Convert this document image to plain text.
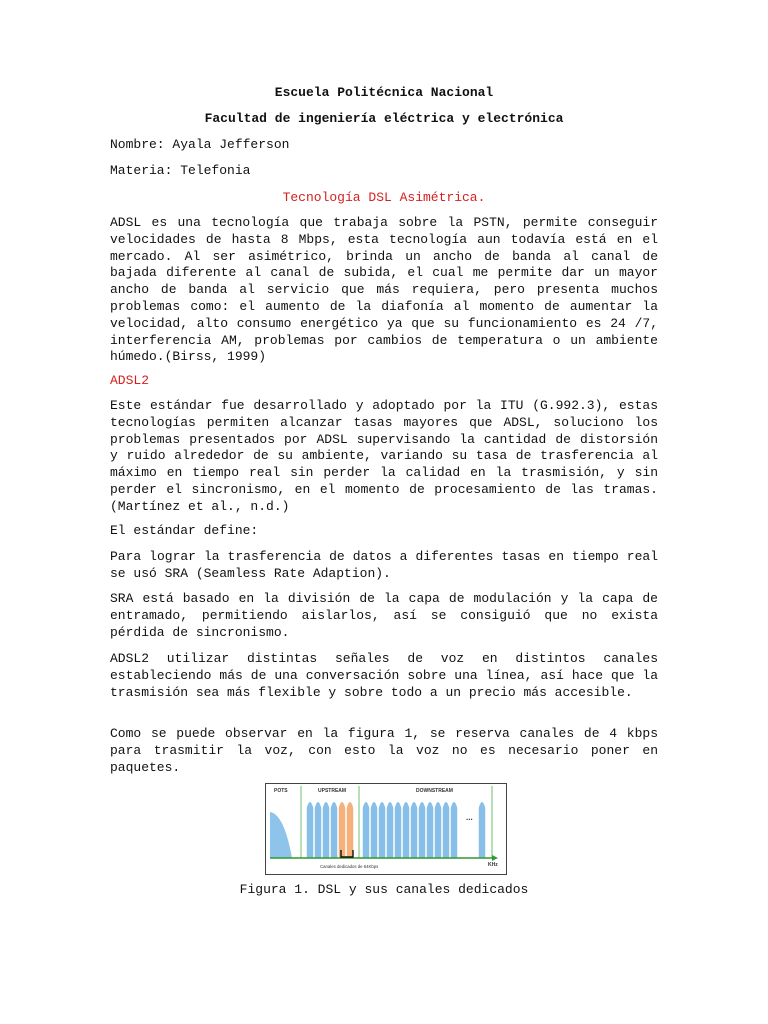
Escuela Politécnica Nacional
Facultad de ingeniería eléctrica y electrónica
Nombre: Ayala Jefferson
Materia: Telefonia
Tecnología DSL Asimétrica.
ADSL es una tecnología que trabaja sobre la PSTN, permite conseguir velocidades de hasta 8 Mbps, esta tecnología aun todavía está en el mercado. Al ser asimétrico, brinda un ancho de banda al canal de bajada diferente al canal de subida, el cual me permite dar un mayor ancho de banda al servicio que más requiera, pero presenta muchos problemas como: el aumento de la diafonía al momento de aumentar la velocidad, alto consumo energético ya que su funcionamiento es 24 /7, interferencia AM, problemas por cambios de temperatura o un ambiente húmedo.(Birss, 1999)
ADSL2
Este estándar fue desarrollado y adoptado por la ITU (G.992.3), estas tecnologías permiten alcanzar tasas mayores que ADSL, soluciono los problemas presentados por ADSL supervisando la cantidad de distorsión y ruido alrededor de su ambiente, variando su tasa de trasferencia al máximo en tiempo real sin perder la calidad en la trasmisión, y sin perder el sincronismo, en el momento de procesamiento de las tramas.(Martínez et al., n.d.)
El estándar define:
Para lograr la trasferencia de datos a diferentes tasas en tiempo real se usó SRA (Seamless Rate Adaption).
SRA está basado en la división de la capa de modulación y la capa de entramado, permitiendo aislarlos, así se consiguió que no exista pérdida de sincronismo.
ADSL2 utilizar distintas señales de voz en distintos canales estableciendo más de una conversación sobre una línea, así hace que la trasmisión sea más flexible y sobre todo a un precio más accesible.
Como se puede observar en la figura 1, se reserva canales de 4 kbps para trasmitir la voz, con esto la voz no es necesario poner en paquetes.
POTS	UPSTREAM	DOWNSTREAM
...
Canales dedicados de 64Kbps	KHz
Figura 1. DSL y sus canales dedicados
